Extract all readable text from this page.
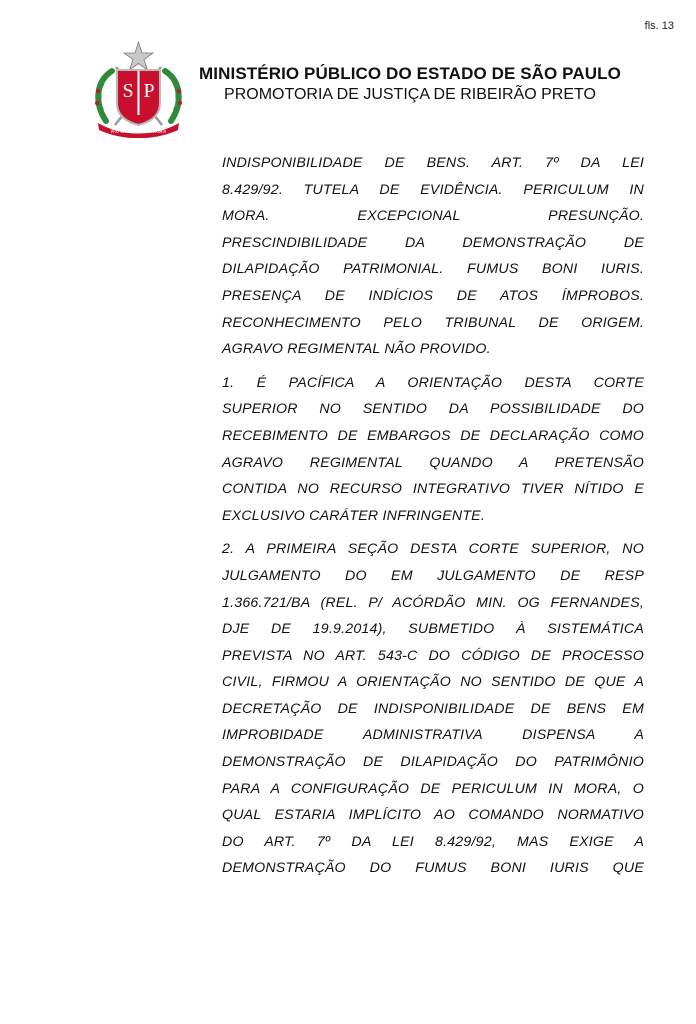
fls. 13
S P
PRO BRASILIA FIANT EXIMIA
MINISTÉRIO PÚBLICO DO ESTADO DE SÃO PAULO
PROMOTORIA DE JUSTIÇA DE RIBEIRÃO PRETO

INDISPONIBILIDADE DE BENS. ART. 7º DA LEI

8.429/92. TUTELA DE EVIDÊNCIA. PERICULUM IN

MORA. EXCEPCIONAL PRESUNÇÃO.

PRESCINDIBILIDADE DA DEMONSTRAÇÃO DE

DILAPIDAÇÃO PATRIMONIAL. FUMUS BONI IURIS.

PRESENÇA DE INDÍCIOS DE ATOS ÍMPROBOS.

RECONHECIMENTO PELO TRIBUNAL DE ORIGEM.

AGRAVO REGIMENTAL NÃO PROVIDO.

1. É PACÍFICA A ORIENTAÇÃO DESTA CORTE

SUPERIOR NO SENTIDO DA POSSIBILIDADE DO

RECEBIMENTO DE EMBARGOS DE DECLARAÇÃO COMO

AGRAVO REGIMENTAL QUANDO A PRETENSÃO

CONTIDA NO RECURSO INTEGRATIVO TIVER NÍTIDO E

EXCLUSIVO CARÁTER INFRINGENTE.

2. A PRIMEIRA SEÇÃO DESTA CORTE SUPERIOR, NO

JULGAMENTO DO EM JULGAMENTO DE RESP

1.366.721/BA (REL. P/ ACÓRDÃO MIN. OG FERNANDES,

DJE DE 19.9.2014), SUBMETIDO À SISTEMÁTICA

PREVISTA NO ART. 543-C DO CÓDIGO DE PROCESSO

CIVIL, FIRMOU A ORIENTAÇÃO NO SENTIDO DE QUE A

DECRETAÇÃO DE INDISPONIBILIDADE DE BENS EM

IMPROBIDADE ADMINISTRATIVA DISPENSA A

DEMONSTRAÇÃO DE DILAPIDAÇÃO DO PATRIMÔNIO

PARA A CONFIGURAÇÃO DE PERICULUM IN MORA, O

QUAL ESTARIA IMPLÍCITO AO COMANDO NORMATIVO

DO ART. 7º DA LEI 8.429/92, MAS EXIGE A

DEMONSTRAÇÃO DO FUMUS BONI IURIS QUE
